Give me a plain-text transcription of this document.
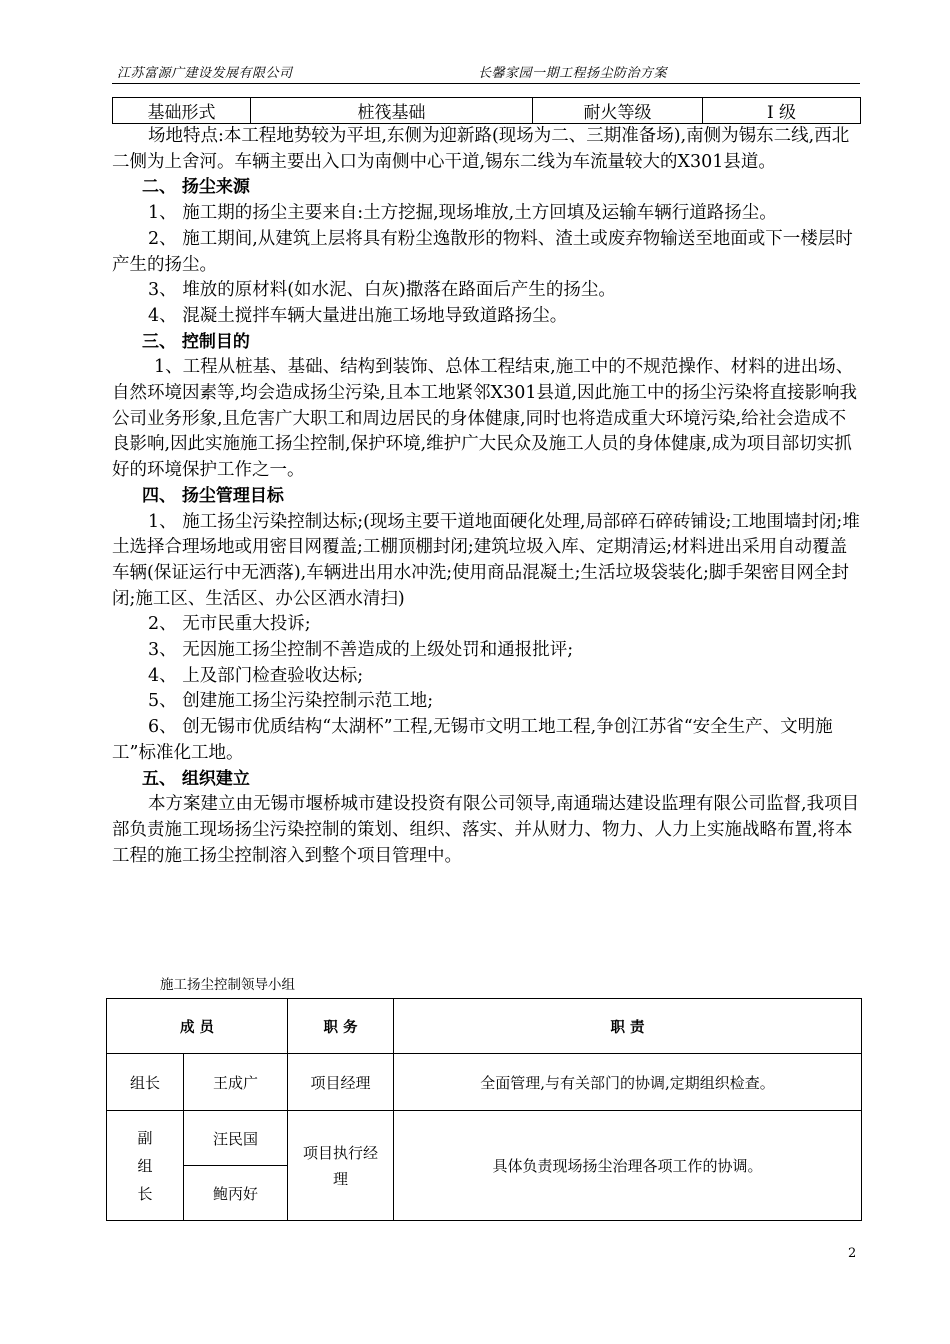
江苏富源广建设发展有限公司	长馨家园一期工程扬尘防治方案
基础形式	桩筏基础	耐火等级	Ⅰ 级

场地特点:本工程地势较为平坦,东侧为迎新路(现场为二、三期准备场),南侧为锡东二线,西北二侧为上舍河。车辆主要出入口为南侧中心干道,锡东二线为车流量较大的X301县道。

二、 扬尘来源

1、 施工期的扬尘主要来自:土方挖掘,现场堆放,土方回填及运输车辆行道路扬尘。

2、 施工期间,从建筑上层将具有粉尘逸散形的物料、渣土或废弃物输送至地面或下一楼层时产生的扬尘。

3、 堆放的原材料(如水泥、白灰)撒落在路面后产生的扬尘。

4、 混凝土搅拌车辆大量进出施工场地导致道路扬尘。

三、 控制目的

1、工程从桩基、基础、结构到装饰、总体工程结束,施工中的不规范操作、材料的进出场、自然环境因素等,均会造成扬尘污染,且本工地紧邻X301县道,因此施工中的扬尘污染将直接影响我公司业务形象,且危害广大职工和周边居民的身体健康,同时也将造成重大环境污染,给社会造成不良影响,因此实施施工扬尘控制,保护环境,维护广大民众及施工人员的身体健康,成为项目部切实抓好的环境保护工作之一。

四、 扬尘管理目标

1、 施工扬尘污染控制达标;(现场主要干道地面硬化处理,局部碎石碎砖铺设;工地围墙封闭;堆土选择合理场地或用密目网覆盖;工棚顶棚封闭;建筑垃圾入库、定期清运;材料进出采用自动覆盖车辆(保证运行中无洒落),车辆进出用水冲洗;使用商品混凝土;生活垃圾袋装化;脚手架密目网全封闭;施工区、生活区、办公区洒水清扫)

2、 无市民重大投诉;

3、 无因施工扬尘控制不善造成的上级处罚和通报批评;

4、 上及部门检查验收达标;

5、 创建施工扬尘污染控制示范工地;

6、 创无锡市优质结构“太湖杯”工程,无锡市文明工地工程,争创江苏省“安全生产、文明施工”标准化工地。

五、 组织建立

本方案建立由无锡市堰桥城市建设投资有限公司领导,南通瑞达建设监理有限公司监督,我项目部负责施工现场扬尘污染控制的策划、组织、落实、并从财力、物力、人力上实施战略布置,将本工程的施工扬尘控制溶入到整个项目管理中。

施工扬尘控制领导小组
成 员		职 务	职 责
组长	王成广	项目经理	全面管理,与有关部门的协调,定期组织检查。

副组长	汪民国	项目执行经理	具体负责现场扬尘治理各项工作的协调。
	鲍丙好		
2
